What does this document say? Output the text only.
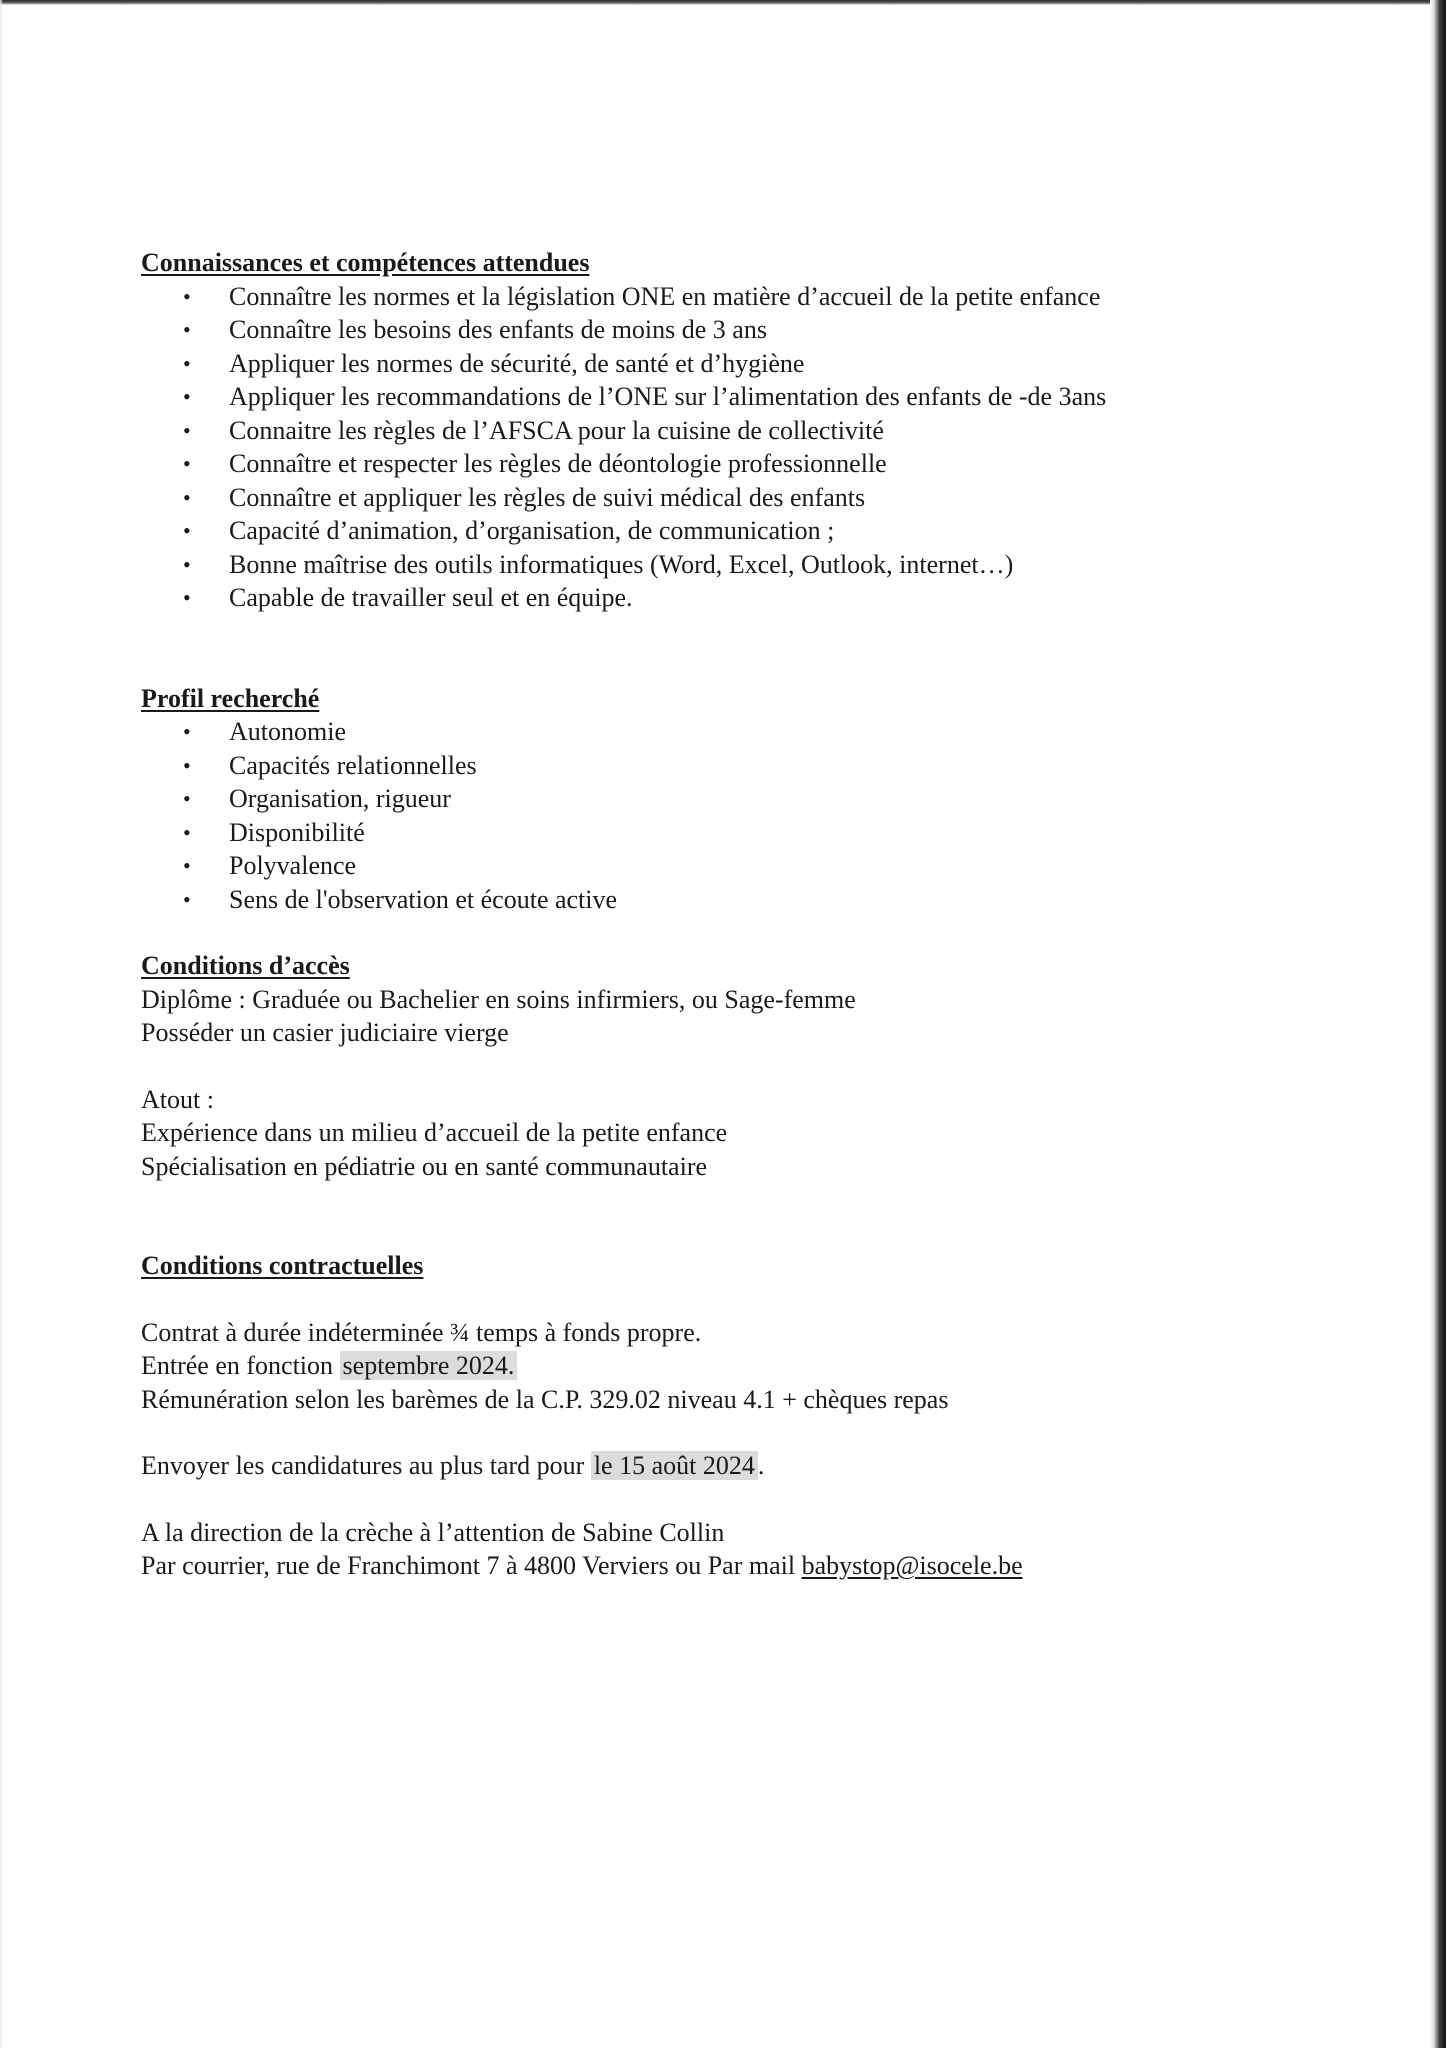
Connaissances et compétences attendues

• Connaître les normes et la législation ONE en matière d’accueil de la petite enfance
• Connaître les besoins des enfants de moins de 3 ans
• Appliquer les normes de sécurité, de santé et d’hygiène
• Appliquer les recommandations de l’ONE sur l’alimentation des enfants de -de 3ans
• Connaitre les règles de l’AFSCA pour la cuisine de collectivité
• Connaître et respecter les règles de déontologie professionnelle
• Connaître et appliquer les règles de suivi médical des enfants
• Capacité d’animation, d’organisation, de communication ;
• Bonne maîtrise des outils informatiques (Word, Excel, Outlook, internet…)
• Capable de travailler seul et en équipe.

Profil recherché

• Autonomie
• Capacités relationnelles
• Organisation, rigueur
• Disponibilité
• Polyvalence
• Sens de l'observation et écoute active

Conditions d’accès

Diplôme : Graduée ou Bachelier en soins infirmiers, ou Sage-femme

Posséder un casier judiciaire vierge

Atout :

Expérience dans un milieu d’accueil de la petite enfance

Spécialisation en pédiatrie ou en santé communautaire

Conditions contractuelles

Contrat à durée indéterminée ¾ temps à fonds propre.

Entrée en fonction septembre 2024.

Rémunération selon les barèmes de la C.P. 329.02 niveau 4.1 + chèques repas

Envoyer les candidatures au plus tard pour le 15 août 2024 .

A la direction de la crèche à l’attention de Sabine Collin

Par courrier, rue de Franchimont 7 à 4800 Verviers ou Par mail babystop@isocele.be
